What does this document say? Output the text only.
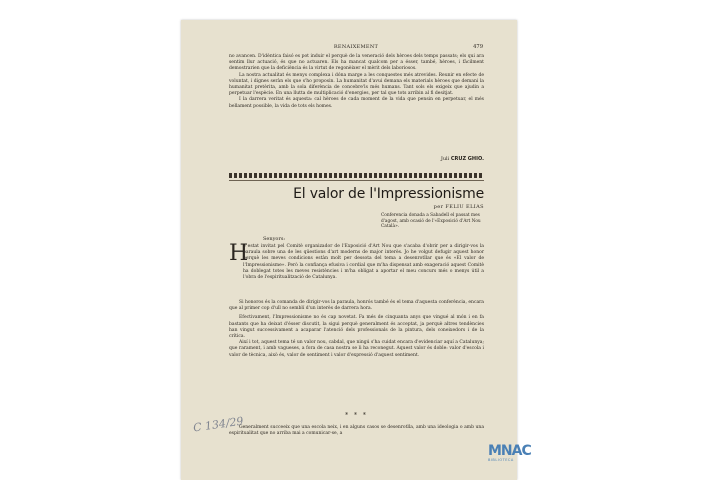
RENAIXEMENT	479

no avancen. D'idèntica faisó es pot induir el perquè de la veneració dels hèroes dels temps passats; els qui ara sentim llur actuació, és que no actuaren. Els ha mancat qualcom per a ésser, també, hèroes, i fàcilment demostrarien que la deficiència és la virtut de regonèixer el mèrit dels laboriosos.

La nostra actualitat és menys complexa i dóna marge a les conquestes més atrevides. Reunir en efecte de voluntat, i dignes seràn els que s'ho proposin. La humanitat d'avui demana els materials hèroes que demani la humanitat pretèrita, amb la sola diferència de concebre'ls més humans. Tant sols els exigeix que ajudin a perpetuar l'espècie. En una llutta de multiplicació d'energies, per tal que tots arribin al fi desitjat.

I la darrera veritat és aquesta: cal hèroes de cada moment de la vida que pensin en perpetuar, el més bellament possible, la vida de tots els homes.

Juli CRUZ GHIO.
El valor de l'Impressionisme
per FELIU ELIAS
Conferencia donada a Sabadell el passat mes d'agost, amb ocasió de l'«Exposició d'Art Nou Català».
Senyors:
H

e estat invitat pel Comitè organizador de l'Exposició d'Art Nou que s'acaba d'obrir per a dirigir-vos la paraula sobre una de les qüestions d'art moderns de major interès. Jo he volgut defugir aquest honor perquè les meves condicions estàn molt per dessota del tema a desenrotllar que és «El valor de l'Impressionisme». Però la confiança efusiva i cordial que m'ha dispensat amb exageració aquest Comitè ha doblegat totes les meves resistències i m'ha obligat a aportar el meu concurs més o menys útil a l'obra de l'espiritualització de Catalunya.

Si honoros és la comanda de dirigir-vos la paraula, honrós també és el tema d'aquesta conferència, encara que al primer cop d'ull no semblí d'un interès de darrera hora.

Efectivament, l'Impressionisme no és cap novetat. Fa més de cinquanta anys que vingué al món i en fa bastants que ha deixat d'ésser discutit, la sigui perquè generalment és acceptat, ja perquè altres tendències han vingut successivament a acaparar l'atenció dels professionals de la pintura, dels coneixedors i de la crítica.

Així i tot, aquest tema té un valor nou, cabdal, que ningú s'ha cuidat encara d'evidenciar aquí a Catalunya; que rarament, i amb vagueses, a fora de casa nostra se li ha reconegut. Aquest valor és doble: valor d'escola i valor de tècnica, això és, valor de sentiment i valor d'expressió d'aquest sentiment.

* * *

Generalment succeeix que una escola neix, i en alguns casos se desenrotlla, amb una ideologia o amb una espiritualitat que no arriba mai a comunicar-se, a

C 134/29
MNAC
BIBLIOTECA
